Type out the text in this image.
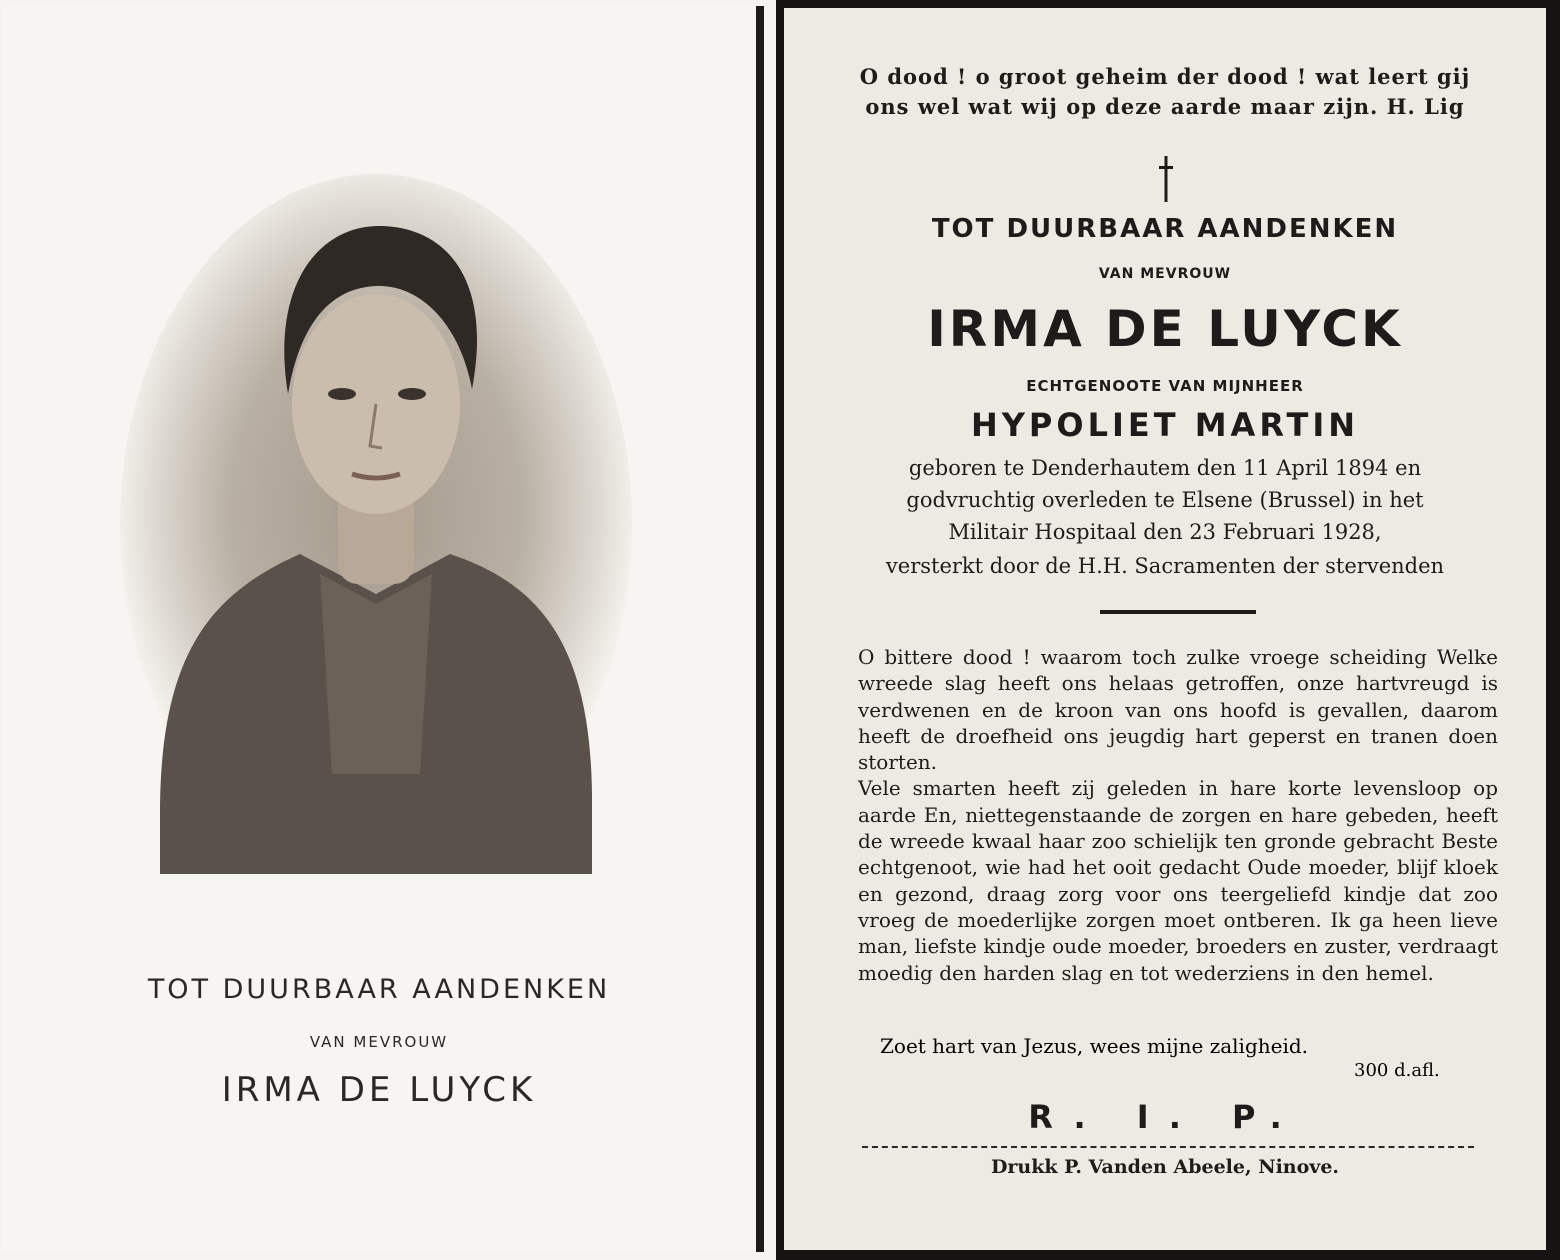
TOT DUURBAAR AANDENKEN
VAN MEVROUW
IRMA DE LUYCK
O dood ! o groot geheim der dood ! wat leert gij
ons wel wat wij op deze aarde maar zijn. H. Lig
TOT DUURBAAR AANDENKEN
VAN MEVROUW
IRMA DE LUYCK
ECHTGENOOTE VAN MIJNHEER
HYPOLIET MARTIN
geboren te Denderhautem den 11 April 1894 en
godvruchtig overleden te Elsene (Brussel) in het
Militair Hospitaal den 23 Februari 1928,
versterkt door de H.H. Sacramenten der stervenden

O bittere dood ! waarom toch zulke vroege scheiding Welke wreede slag heeft ons helaas getroffen, onze hartvreugd is verdwenen en de kroon van ons hoofd is gevallen, daarom heeft de droefheid ons jeugdig hart geperst en tranen doen storten.

Vele smarten heeft zij geleden in hare korte levensloop op aarde En, niettegenstaande de zorgen en hare gebeden, heeft de wreede kwaal haar zoo schielijk ten gronde gebracht Beste echtgenoot, wie had het ooit gedacht Oude moeder, blijf kloek en gezond, draag zorg voor ons teergeliefd kindje dat zoo vroeg de moederlijke zorgen moet ontberen. Ik ga heen lieve man, liefste kindje oude moeder, broeders en zuster, verdraagt moedig den harden slag en tot wederziens in den hemel.

Zoet hart van Jezus, wees mijne zaligheid.
300 d.afl.
R. I. P.
Drukk P. Vanden Abeele, Ninove.
